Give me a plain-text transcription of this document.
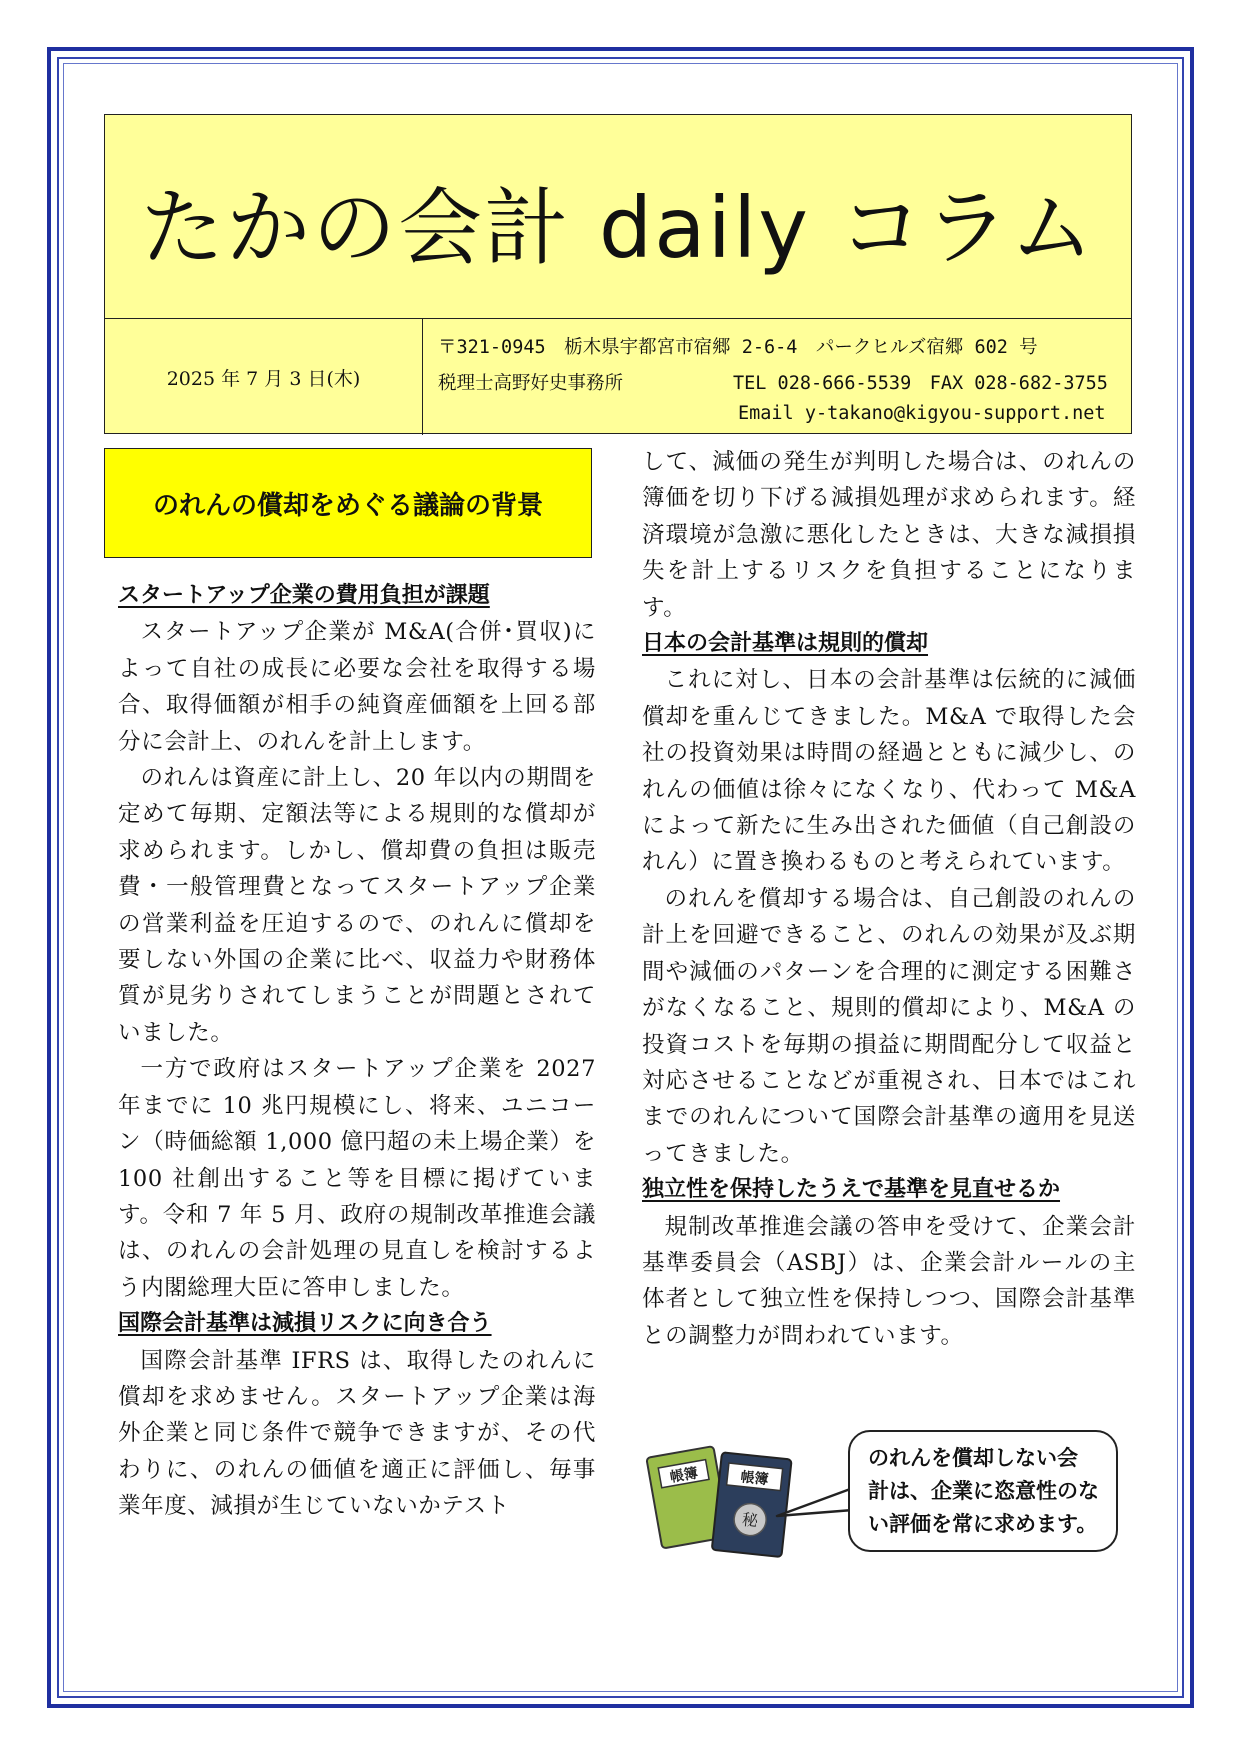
たかの会計 daily コラム
2025 年 7 月 3 日(木)
〒321-0945　栃木県宇都宮市宿郷 2-6-4　パークヒルズ宿郷 602 号
税理士高野好史事務所	TEL 028-666-5539　FAX 028-682-3755
Email y-takano@kigyou-support.net
のれんの償却をめぐる議論の背景
スタートアップ企業の費用負担が課題

スタートアップ企業が M&A(合併･買収)によって自社の成長に必要な会社を取得する場合、取得価額が相手の純資産価額を上回る部分に会計上、のれんを計上します。

のれんは資産に計上し、20 年以内の期間を定めて毎期、定額法等による規則的な償却が求められます。しかし、償却費の負担は販売費・一般管理費となってスタートアップ企業の営業利益を圧迫するので、のれんに償却を要しない外国の企業に比べ、収益力や財務体質が見劣りされてしまうことが問題とされていました。

一方で政府はスタートアップ企業を 2027 年までに 10 兆円規模にし、将来、ユニコーン（時価総額 1,000 億円超の未上場企業）を 100 社創出すること等を目標に掲げています。令和 7 年 5 月、政府の規制改革推進会議は、のれんの会計処理の見直しを検討するよう内閣総理大臣に答申しました。

国際会計基準は減損リスクに向き合う

国際会計基準 IFRS は、取得したのれんに償却を求めません。スタートアップ企業は海外企業と同じ条件で競争できますが、その代わりに、のれんの価値を適正に評価し、毎事業年度、減損が生じていないかテスト

して、減価の発生が判明した場合は、のれんの簿価を切り下げる減損処理が求められます。経済環境が急激に悪化したときは、大きな減損損失を計上するリスクを負担することになります。

日本の会計基準は規則的償却

これに対し、日本の会計基準は伝統的に減価償却を重んじてきました。M&A で取得した会社の投資効果は時間の経過とともに減少し、のれんの価値は徐々になくなり、代わって M&A によって新たに生み出された価値（自己創設のれん）に置き換わるものと考えられています。

のれんを償却する場合は、自己創設のれんの計上を回避できること、のれんの効果が及ぶ期間や減価のパターンを合理的に測定する困難さがなくなること、規則的償却により、M&A の投資コストを毎期の損益に期間配分して収益と対応させることなどが重視され、日本ではこれまでのれんについて国際会計基準の適用を見送ってきました。

独立性を保持したうえで基準を見直せるか

規制改革推進会議の答申を受けて、企業会計基準委員会（ASBJ）は、企業会計ルールの主体者として独立性を保持しつつ、国際会計基準との調整力が問われています。

帳簿	帳簿
秘
のれんを償却しない会
計は、企業に恣意性のな
い評価を常に求めます。
